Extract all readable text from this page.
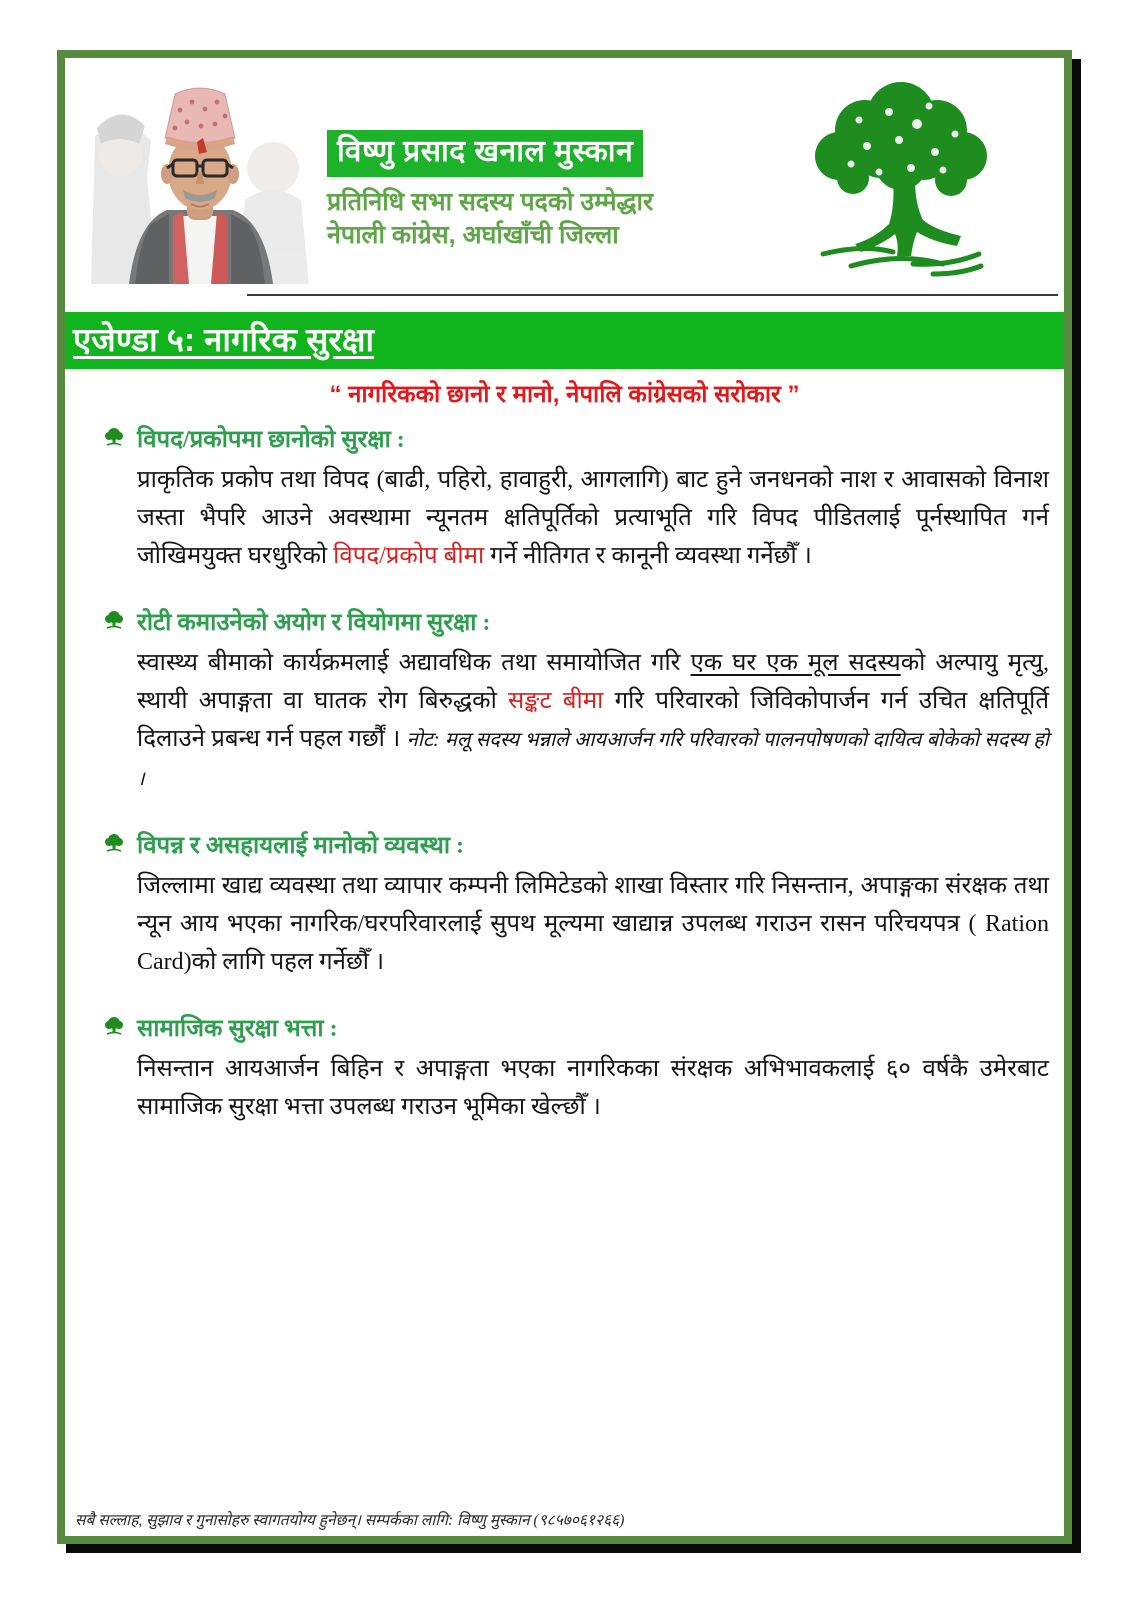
विष्णु प्रसाद खनाल मुस्कान
प्रतिनिधि सभा सदस्य पदको उम्मेद्धार
नेपाली कांग्रेस, अर्घाखाँची जिल्ला
एजेण्डा ५: नागरिक सुरक्षा
“ नागरिकको छानो र मानो, नेपालि कांग्रेसको सरोकार ”
विपद/प्रकोपमा छानोको सुरक्षा :
प्राकृतिक प्रकोप तथा विपद (बाढी, पहिरो, हावाहुरी, आगलागि) बाट हुने जनधनको नाश र आवासको विनाश जस्ता भैपरि आउने अवस्थामा न्यूनतम क्षतिपूर्तिको प्रत्याभूति गरि विपद पीडितलाई पूर्नस्थापित गर्न जोखिमयुक्त घरधुरिको विपद/प्रकोप बीमा गर्ने नीतिगत र कानूनी व्यवस्था गर्नेछौँ ।
रोटी कमाउनेको अयोग र वियोगमा सुरक्षा :
स्वास्थ्य बीमाको कार्यक्रमलाई अद्यावधिक तथा समायोजित गरि एक घर एक मूल सदस्यको अल्पायु मृत्यु, स्थायी अपाङ्गता वा घातक रोग बिरुद्धको सङ्कट बीमा गरि परिवारको जिविकोपार्जन गर्न उचित क्षतिपूर्ति दिलाउने प्रबन्ध गर्न पहल गर्छौं । नोट: मलू सदस्य भन्नाले आयआर्जन गरि परिवारको पालनपोषणको दायित्व बोकेको सदस्य हो ।
विपन्न र असहायलाई मानोको व्यवस्था :
जिल्लामा खाद्य व्यवस्था तथा व्यापार कम्पनी लिमिटेडको शाखा विस्तार गरि निसन्तान, अपाङ्गका संरक्षक तथा न्यून आय भएका नागरिक/घरपरिवारलाई सुपथ मूल्यमा खाद्यान्न उपलब्ध गराउन रासन परिचयपत्र ( Ration Card)को लागि पहल गर्नेछौँ ।
सामाजिक सुरक्षा भत्ता :
निसन्तान आयआर्जन बिहिन र अपाङ्गता भएका नागरिकका संरक्षक अभिभावकलाई ६० वर्षकै उमेरबाट सामाजिक सुरक्षा भत्ता उपलब्ध गराउन भूमिका खेल्छौँ ।
सबै सल्लाह, सुझाव र गुनासोहरु स्वागतयोग्य हुनेछन्। सम्पर्कका लागि: विष्णु मुस्कान (९८५७०६१२६६)
